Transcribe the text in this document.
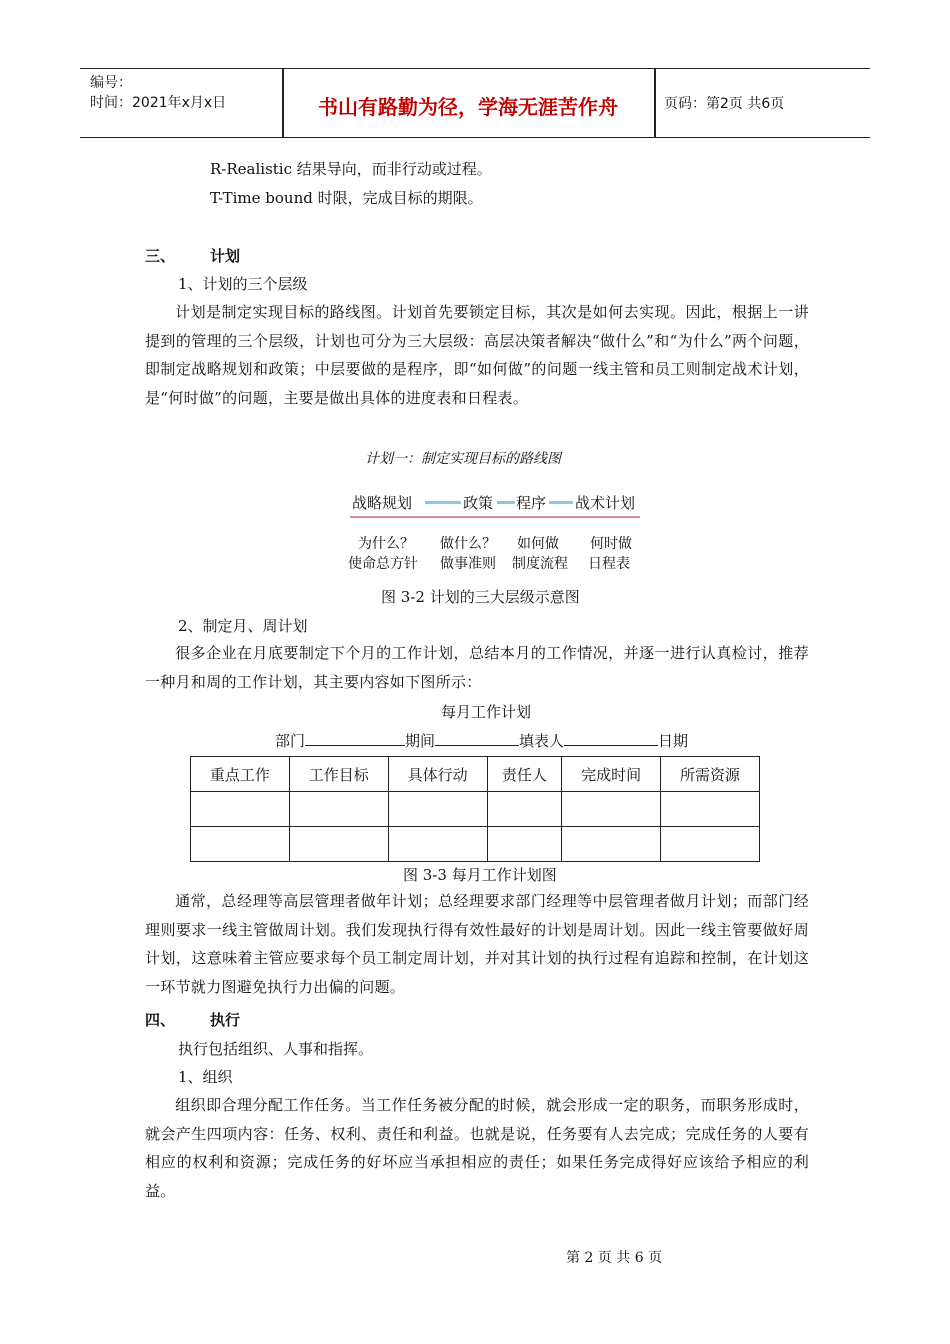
编号：
时间：2021年x月x日	书山有路勤为径，学海无涯苦作舟	页码：第2页 共6页
R-Realistic 结果导向，而非行动或过程。
T-Time bound 时限，完成目标的期限。
三、 计划
1、计划的三个层级
计划是制定实现目标的路线图。计划首先要锁定目标，其次是如何去实现。因此，根据上一讲提到的管理的三个层级，计划也可分为三大层级：高层决策者解决“做什么”和“为什么”两个问题，即制定战略规划和政策；中层要做的是程序，即“如何做”的问题一线主管和员工则制定战术计划，是“何时做”的问题，主要是做出具体的进度表和日程表。
计划一：制定实现目标的路线图
战略规划	政策 程序 战术计划
为什么？ 做什么？ 如何做 何时做
使命总方针 做事准则 制度流程 日程表
图 3-2 计划的三大层级示意图
2、制定月、周计划
很多企业在月底要制定下个月的工作计划，总结本月的工作情况，并逐一进行认真检讨，推荐一种月和周的工作计划，其主要内容如下图所示：
每月工作计划
部门	期间	填表人	日期
重点工作	工作目标	具体行动	责任人	完成时间	所需资源

图 3-3 每月工作计划图
通常，总经理等高层管理者做年计划；总经理要求部门经理等中层管理者做月计划；而部门经理则要求一线主管做周计划。我们发现执行得有效性最好的计划是周计划。因此一线主管要做好周计划，这意味着主管应要求每个员工制定周计划，并对其计划的执行过程有追踪和控制，在计划这一环节就力图避免执行力出偏的问题。
四、 执行
执行包括组织、人事和指挥。
1、组织
组织即合理分配工作任务。当工作任务被分配的时候，就会形成一定的职务，而职务形成时，就会产生四项内容：任务、权利、责任和利益。也就是说，任务要有人去完成；完成任务的人要有相应的权利和资源；完成任务的好坏应当承担相应的责任；如果任务完成得好应该给予相应的利益。
第 2 页 共 6 页
